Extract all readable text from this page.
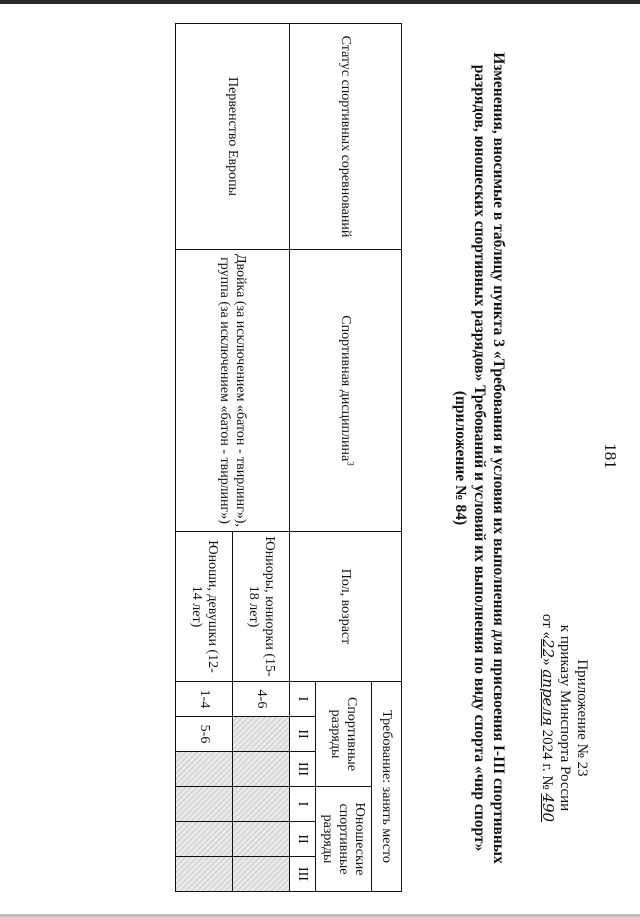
181
Приложение № 23
к приказу Минспорта России
от «22» апреля 2024 г. № 490
Изменения, вносимые в таблицу пункта 3 «Требования и условия их выполнения для присвоения I-III спортивных
разрядов, юношеских спортивных разрядов» Требований и условий их выполнения по виду спорта «чир спорт»
(приложение № 84)
Статус спортивных соревнований	Спортивная дисциплина$^3$	Пол, возраст	Требование: занять место					
			Спортивные разряды			Юношеские спортивные разряды		
			I	II	III	I	II	III
Первенство Европы	Двойка (за исключением «батон - твирлинг»), группа (за исключением «батон - твирлинг»)	Юниоры, юниорки (15-18 лет)	4-6					
		Юноши, девушки (12-14 лет)	1-4	5-6				
